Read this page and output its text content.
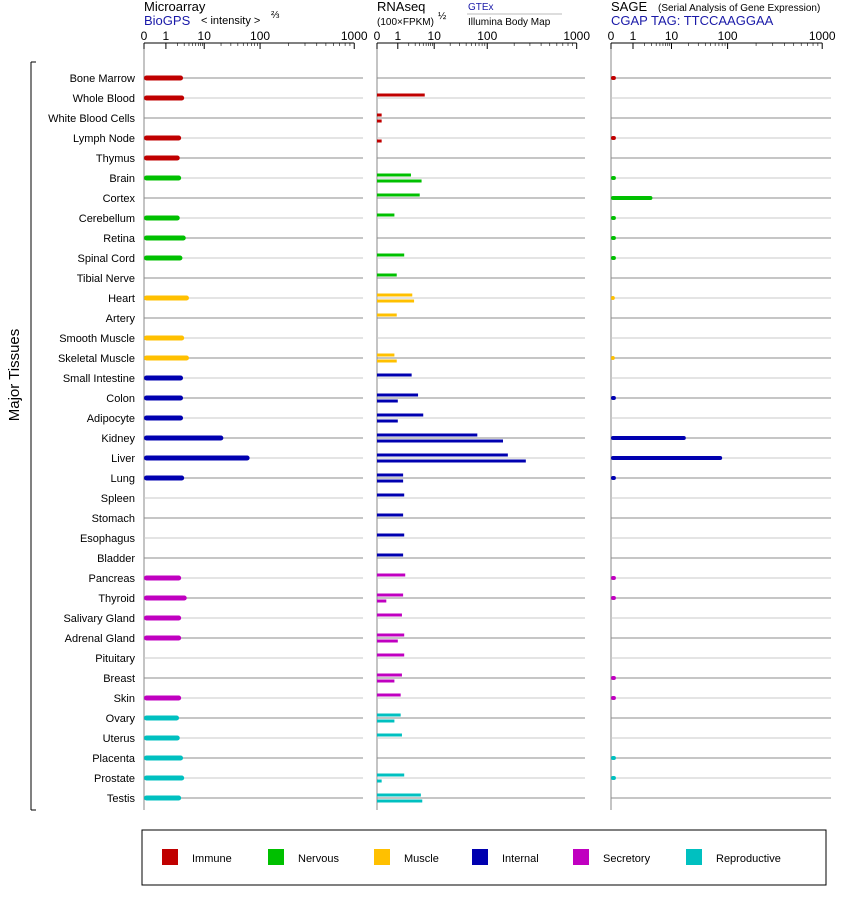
Microarray
BioGPS < intensity > ⅔
RNAseq
(100×FPKM)
½
GTEx
Illumina Body Map
SAGE (Serial Analysis of Gene Expression)
CGAP TAG: TTCCAAGGAA
0 1 10	100	1000 0 1 10	100	1000 0 1 10	100	1000
Bone Marrow
Whole Blood
White Blood Cells
Lymph Node
Thymus
Brain
Cortex
Cerebellum
Retina
Spinal Cord
Tibial Nerve
Heart
Artery
Smooth Muscle
Skeletal Muscle
Small Intestine
Colon
Adipocyte
Kidney
Liver
Lung
Spleen
Stomach
Esophagus
Bladder
Pancreas
Thyroid
Salivary Gland
Adrenal Gland
Pituitary
Breast
Skin
Ovary
Uterus
Placenta
Prostate
Testis
Major Tissues
Immune	Nervous	Muscle	Internal	Secretory	Reproductive
